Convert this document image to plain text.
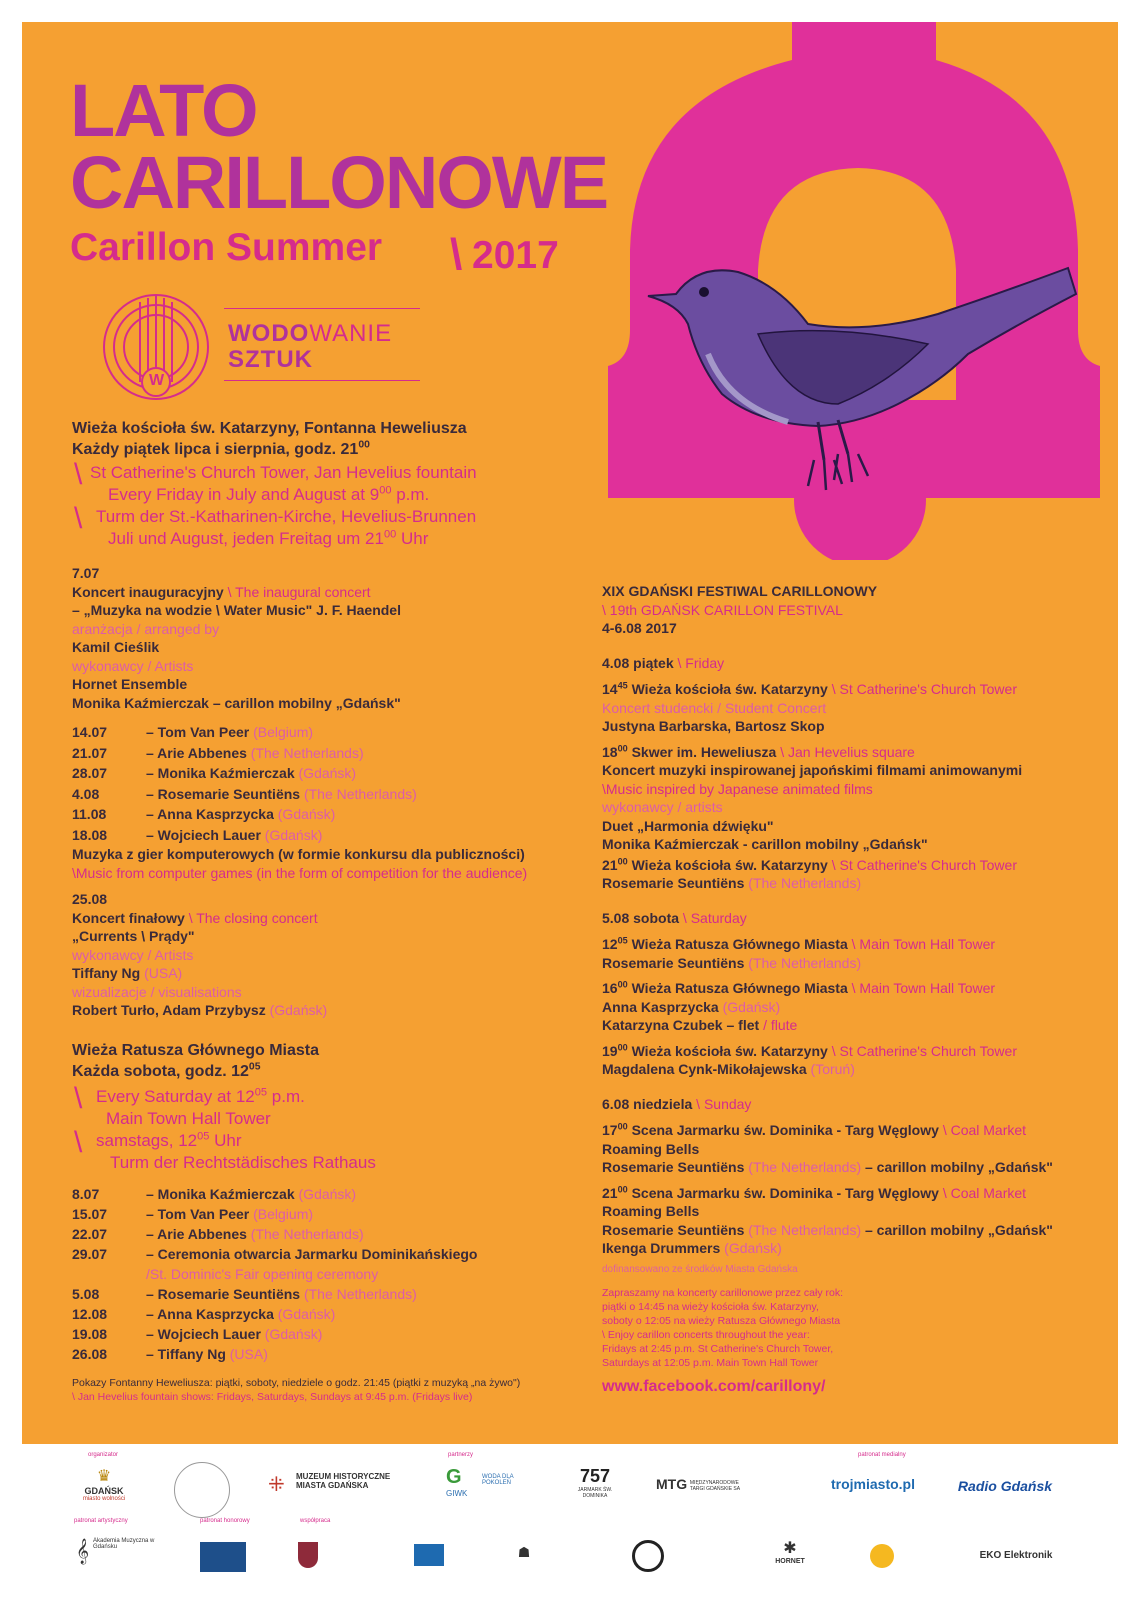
LATO
CARILLONOWE
Carillon Summer \ 2017
W
WODOWANIE
SZTUK
Wieża kościoła św. Katarzyny, Fontanna Heweliusza
Każdy piątek lipca i sierpnia, godz. $21^{00}$
\ St Catherine's Church Tower, Jan Hevelius fountain
Every Friday in July and August at $9^{00}$ p.m.
\ Turm der St.-Katharinen-Kirche, Hevelius-Brunnen
Juli und August, jeden Freitag um $21^{00}$ Uhr
7.07
Koncert inauguracyjny \ The inaugural concert
– „Muzyka na wodzie \ Water Music" J. F. Haendel
aranżacja / arranged by
Kamil Cieślik
wykonawcy / Artists
Hornet Ensemble
Monika Kaźmierczak – carillon mobilny „Gdańsk"
14.07	– Tom Van Peer
(Belgium)
21.07	– Arie Abbenes
(The Netherlands)
28.07	– Monika Kaźmierczak
(Gdańsk)
4.08	– Rosemarie Seuntiëns
(The Netherlands)
11.08	– Anna Kasprzycka
(Gdańsk)
18.08	– Wojciech Lauer
(Gdańsk)
Muzyka z gier komputerowych (w formie konkursu dla publiczności)
\Music from computer games (in the form of competition for the audience)
25.08
Koncert finałowy \ The closing concert
„Currents \ Prądy"
wykonawcy / Artists
Tiffany Ng (USA)
wizualizacje / visualisations
Robert Turło, Adam Przybysz (Gdańsk)
Wieża Ratusza Głównego Miasta
Każda sobota, godz. $12^{05}$
\ Every Saturday at $12^{05}$ p.m.
Main Town Hall Tower
\ samstags, $12^{05}$ Uhr
Turm der Rechtstädisches Rathaus
8.07	– Monika Kaźmierczak
(Gdańsk)
15.07	– Tom Van Peer
(Belgium)
22.07	– Arie Abbenes
(The Netherlands)
29.07	– Ceremonia otwarcia Jarmarku Dominikańskiego
/St. Dominic's Fair opening ceremony
5.08	– Rosemarie Seuntiëns
(The Netherlands)
12.08	– Anna Kasprzycka
(Gdańsk)
19.08	– Wojciech Lauer
(Gdańsk)
26.08	– Tiffany Ng
(USA)
Pokazy Fontanny Heweliusza: piątki, soboty, niedziele o godz. 21:45 (piątki z muzyką „na żywo")
\ Jan Hevelius fountain shows: Fridays, Saturdays, Sundays at 9:45 p.m. (Fridays live)
XIX GDAŃSKI FESTIWAL CARILLONOWY
\ 19th GDAŃSK CARILLON FESTIVAL
4-6.08 2017
4.08 piątek \ Friday
$14^{45}$ Wieża kościoła św. Katarzyny \ St Catherine's Church Tower
Koncert studencki / Student Concert
Justyna Barbarska, Bartosz Skop
$18^{00}$ Skwer im. Heweliusza \ Jan Hevelius square
Koncert muzyki inspirowanej japońskimi filmami animowanymi
\Music inspired by Japanese animated films
wykonawcy / artists
Duet „Harmonia dźwięku"
Monika Kaźmierczak - carillon mobilny „Gdańsk"
$21^{00}$ Wieża kościoła św. Katarzyny \ St Catherine's Church Tower
Rosemarie Seuntiëns (The Netherlands)
5.08 sobota \ Saturday
$12^{05}$ Wieża Ratusza Głównego Miasta \ Main Town Hall Tower
Rosemarie Seuntiëns (The Netherlands)
$16^{00}$ Wieża Ratusza Głównego Miasta \ Main Town Hall Tower
Anna Kasprzycka (Gdańsk)
Katarzyna Czubek – flet / flute
$19^{00}$ Wieża kościoła św. Katarzyny \ St Catherine's Church Tower
Magdalena Cynk-Mikołajewska (Toruń)
6.08 niedziela \ Sunday
$17^{00}$ Scena Jarmarku św. Dominika - Targ Węglowy \ Coal Market
Roaming Bells
Rosemarie Seuntiëns (The Netherlands) – carillon mobilny „Gdańsk"
$21^{00}$ Scena Jarmarku św. Dominika - Targ Węglowy \ Coal Market
Roaming Bells
Rosemarie Seuntiëns (The Netherlands) – carillon mobilny „Gdańsk"
Ikenga Drummers (Gdańsk)
dofinansowano ze środków Miasta Gdańska
Zapraszamy na koncerty carillonowe przez cały rok:
piątki o 14:45 na wieży kościoła św. Katarzyny,
soboty o 12:05 na wieży Ratusza Głównego Miasta
\ Enjoy carillon concerts throughout the year:
Fridays at 2:45 p.m. St Catherine's Church Tower,
Saturdays at 12:05 p.m. Main Town Hall Tower
www.facebook.com/carillony/
organizator	partnerzy	patronat medialny
patronat artystyczny	patronat honorowy	współpraca
♛
GDAŃSK
miasto wolności
⁜	MUZEUM HISTORYCZNE
MIASTA GDAŃSKA	G
GIWK
WODA DLA POKOLEŃ	757
JARMARK ŚW. DOMINIKA
MTG MIĘDZYNARODOWE TARGI GDAŃSKIE SA	trojmiasto.pl	Radio Gdańsk
𝄞 Akademia Muzyczna w Gdańsku	☗	✱
HORNET
EKO Elektronik
